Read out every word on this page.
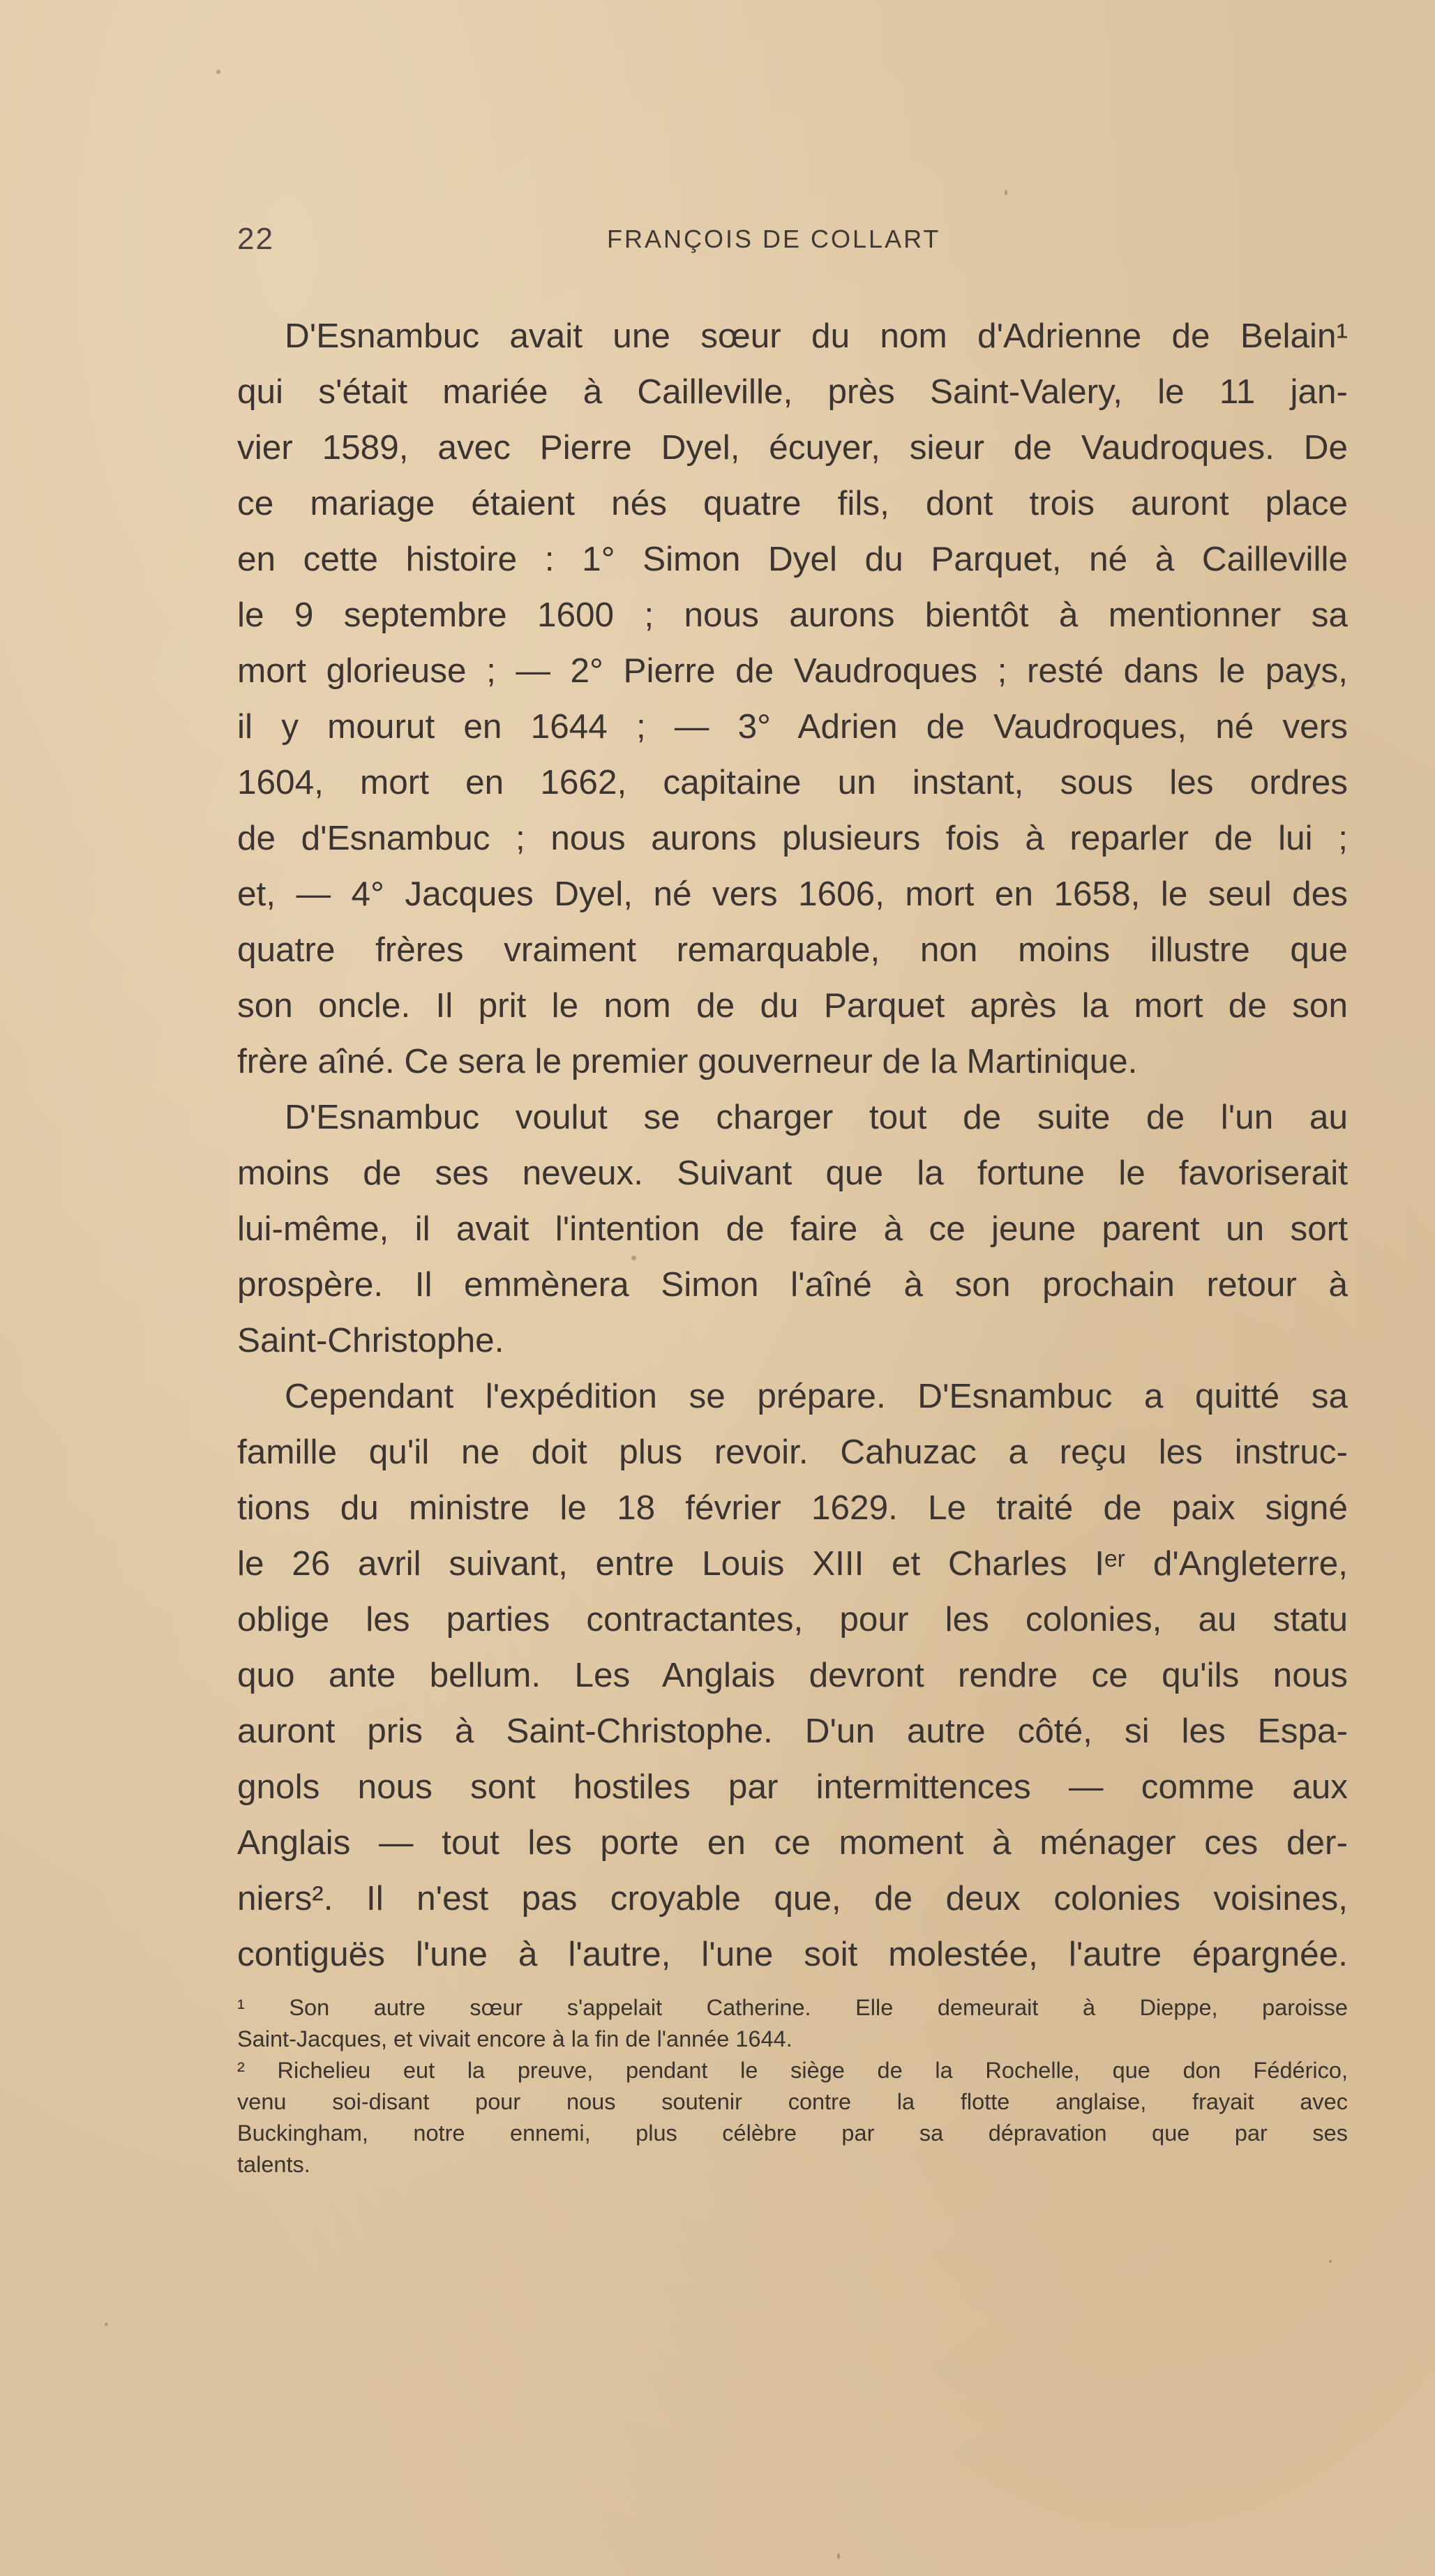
22	FRANÇOIS DE COLLART
D'Esnambuc avait une sœur du nom d'Adrienne de Belain¹
qui s'était mariée à Cailleville, près Saint-Valery, le 11 jan-
vier 1589, avec Pierre Dyel, écuyer, sieur de Vaudroques. De
ce mariage étaient nés quatre fils, dont trois auront place
en cette histoire : 1° Simon Dyel du Parquet, né à Cailleville
le 9 septembre 1600 ; nous aurons bientôt à mentionner sa
mort glorieuse ; — 2° Pierre de Vaudroques ; resté dans le pays,
il y mourut en 1644 ; — 3° Adrien de Vaudroques, né vers
1604, mort en 1662, capitaine un instant, sous les ordres
de d'Esnambuc ; nous aurons plusieurs fois à reparler de lui ;
et, — 4° Jacques Dyel, né vers 1606, mort en 1658, le seul des
quatre frères vraiment remarquable, non moins illustre que
son oncle. Il prit le nom de du Parquet après la mort de son
frère aîné. Ce sera le premier gouverneur de la Martinique.
D'Esnambuc voulut se charger tout de suite de l'un au
moins de ses neveux. Suivant que la fortune le favoriserait
lui-même, il avait l'intention de faire à ce jeune parent un sort
prospère. Il emmènera Simon l'aîné à son prochain retour à
Saint-Christophe.
Cependant l'expédition se prépare. D'Esnambuc a quitté sa
famille qu'il ne doit plus revoir. Cahuzac a reçu les instruc-
tions du ministre le 18 février 1629. Le traité de paix signé
le 26 avril suivant, entre Louis XIII et Charles Iᵉʳ d'Angleterre,
oblige les parties contractantes, pour les colonies, au statu
quo ante bellum. Les Anglais devront rendre ce qu'ils nous
auront pris à Saint-Christophe. D'un autre côté, si les Espa-
gnols nous sont hostiles par intermittences — comme aux
Anglais — tout les porte en ce moment à ménager ces der-
niers². Il n'est pas croyable que, de deux colonies voisines,
contiguës l'une à l'autre, l'une soit molestée, l'autre épargnée.
¹ Son autre sœur s'appelait Catherine. Elle demeurait à Dieppe, paroisse
Saint-Jacques, et vivait encore à la fin de l'année 1644.
² Richelieu eut la preuve, pendant le siège de la Rochelle, que don Fédérico,
venu soi-disant pour nous soutenir contre la flotte anglaise, frayait avec
Buckingham, notre ennemi, plus célèbre par sa dépravation que par ses
talents.
